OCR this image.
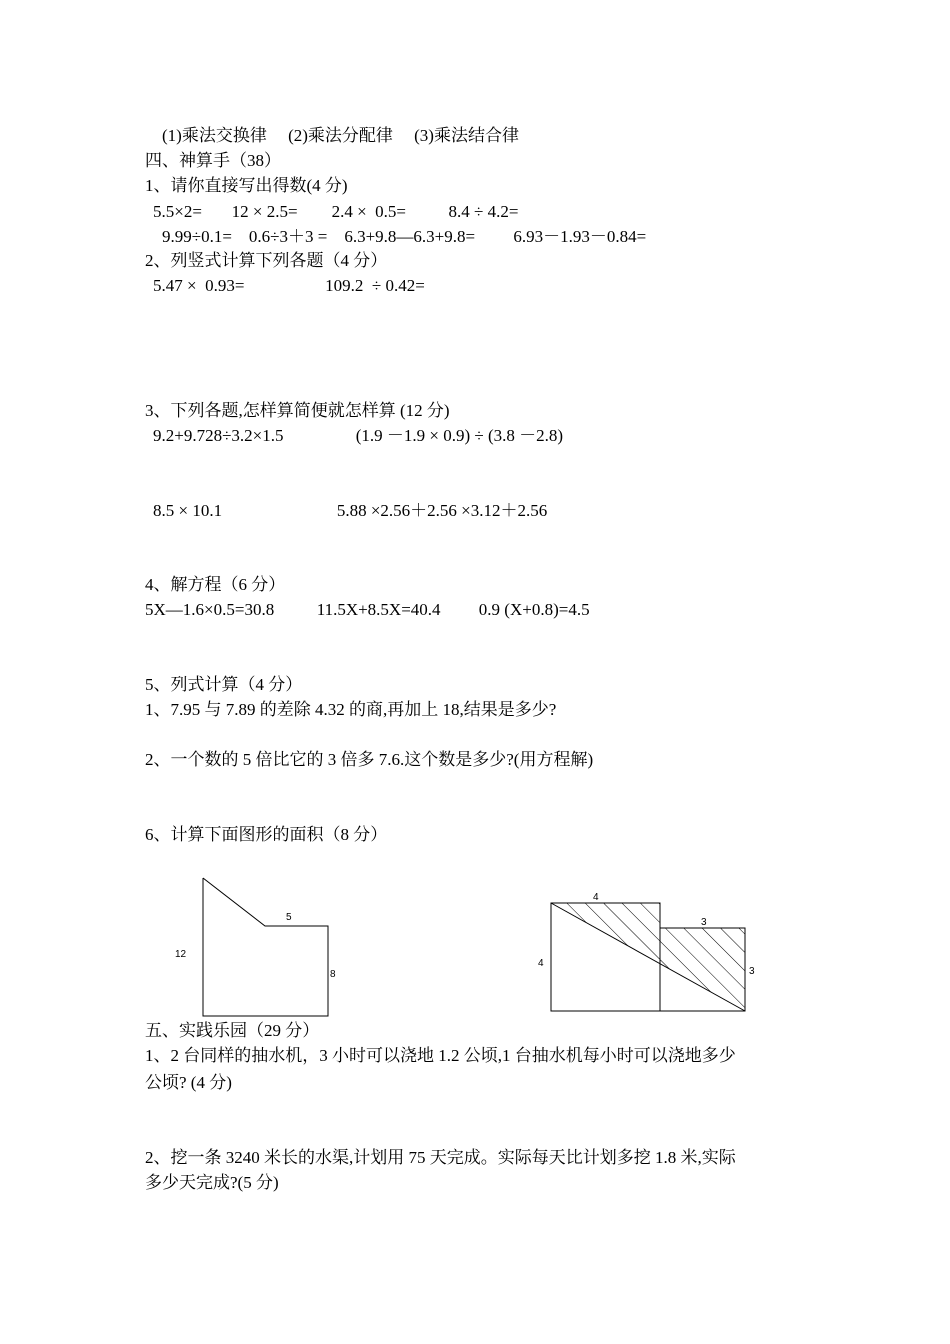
(1)乘法交换律     (2)乘法分配律     (3)乘法结合律
四、神算手（38）
1、请你直接写出得数(4 分)
5.5×2=       12 × 2.5=        2.4 ×  0.5=          8.4 ÷ 4.2=
9.99÷0.1=    0.6÷3＋3 =    6.3+9.8—6.3+9.8=         6.93－1.93－0.84=
2、列竖式计算下列各题（4 分）
5.47 ×  0.93=                   109.2  ÷ 0.42=
3、下列各题,怎样算简便就怎样算 (12 分)
9.2+9.728÷3.2×1.5                 (1.9 －1.9 × 0.9) ÷ (3.8 －2.8)
8.5 × 10.1                           5.88 ×2.56＋2.56 ×3.12＋2.56
4、解方程（6 分）
5X—1.6×0.5=30.8          11.5X+8.5X=40.4         0.9 (X+0.8)=4.5
5、列式计算（4 分）
1、7.95 与 7.89 的差除 4.32 的商,再加上 18,结果是多少?
2、一个数的 5 倍比它的 3 倍多 7.6.这个数是多少?(用方程解)
6、计算下面图形的面积（8 分）
12
5
8
4
3
4
3
五、实践乐园（29 分）
1、2 台同样的抽水机，3 小时可以浇地 1.2 公顷,1 台抽水机每小时可以浇地多少
公顷? (4 分)
2、挖一条 3240 米长的水渠,计划用 75 天完成。实际每天比计划多挖 1.8 米,实际
多少天完成?(5 分)
